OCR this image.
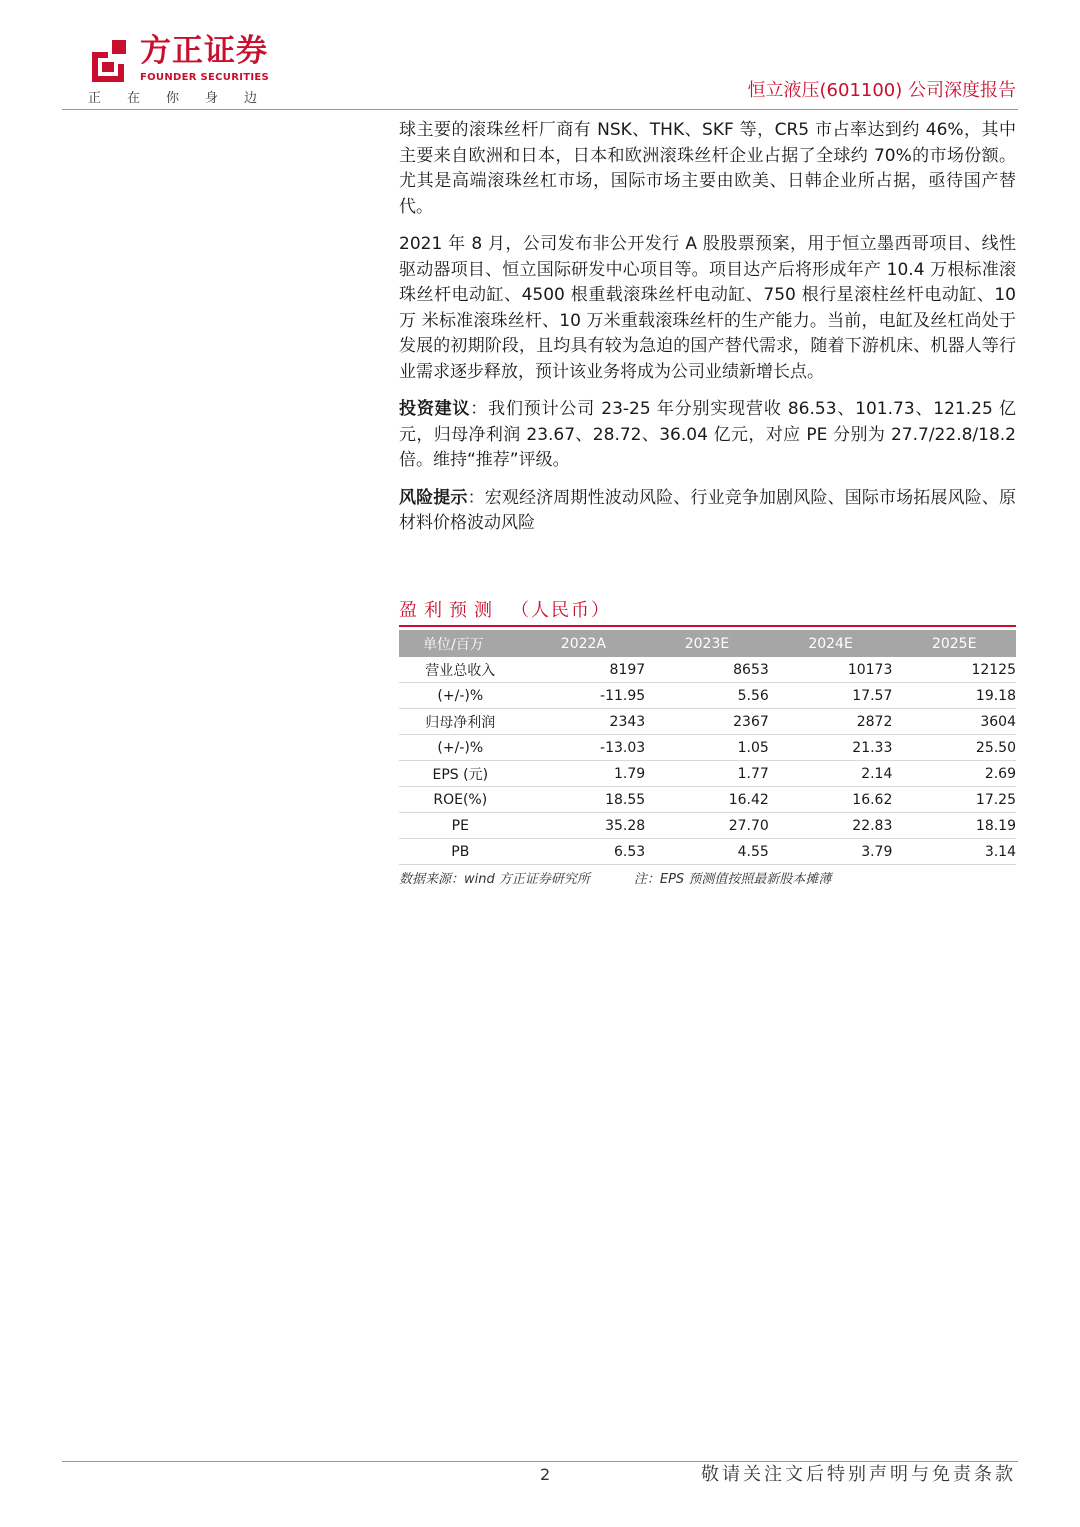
方正证券
FOUNDER SECURITIES
正 在 你 身 边	恒立液压(601100) 公司深度报告

球主要的滚珠丝杆厂商有 NSK、THK、SKF 等，CR5 市占率达到约 46%，其中主要来自欧洲和日本，日本和欧洲滚珠丝杆企业占据了全球约 70%的市场份额。尤其是高端滚珠丝杠市场，国际市场主要由欧美、日韩企业所占据，亟待国产替代。

2021 年 8 月，公司发布非公开发行 A 股股票预案，用于恒立墨西哥项目、线性驱动器项目、恒立国际研发中心项目等。项目达产后将形成年产 10.4 万根标准滚珠丝杆电动缸、4500 根重载滚珠丝杆电动缸、750 根行星滚柱丝杆电动缸、10 万 米标准滚珠丝杆、10 万米重载滚珠丝杆的生产能力。当前，电缸及丝杠尚处于发展的初期阶段，且均具有较为急迫的国产替代需求，随着下游机床、机器人等行业需求逐步释放，预计该业务将成为公司业绩新增长点。

投资建议：我们预计公司 23-25 年分别实现营收 86.53、101.73、121.25 亿元，归母净利润 23.67、28.72、36.04 亿元，对应 PE 分别为 27.7/22.8/18.2 倍。维持“推荐”评级。

风险提示：宏观经济周期性波动风险、行业竞争加剧风险、国际市场拓展风险、原材料价格波动风险

盈利预测 （人民币）
单位/百万	2022A	2023E	2024E	2025E
营业总收入	8197	8653	10173	12125
(+/-)%	-11.95	5.56	17.57	19.18
归母净利润	2343	2367	2872	3604
(+/-)%	-13.03	1.05	21.33	25.50
EPS (元)	1.79	1.77	2.14	2.69
ROE(%)	18.55	16.42	16.62	17.25
PE	35.28	27.70	22.83	18.19
PB	6.53	4.55	3.79	3.14
数据来源：wind 方正证券研究所	注：EPS 预测值按照最新股本摊薄
2	敬请关注文后特别声明与免责条款
